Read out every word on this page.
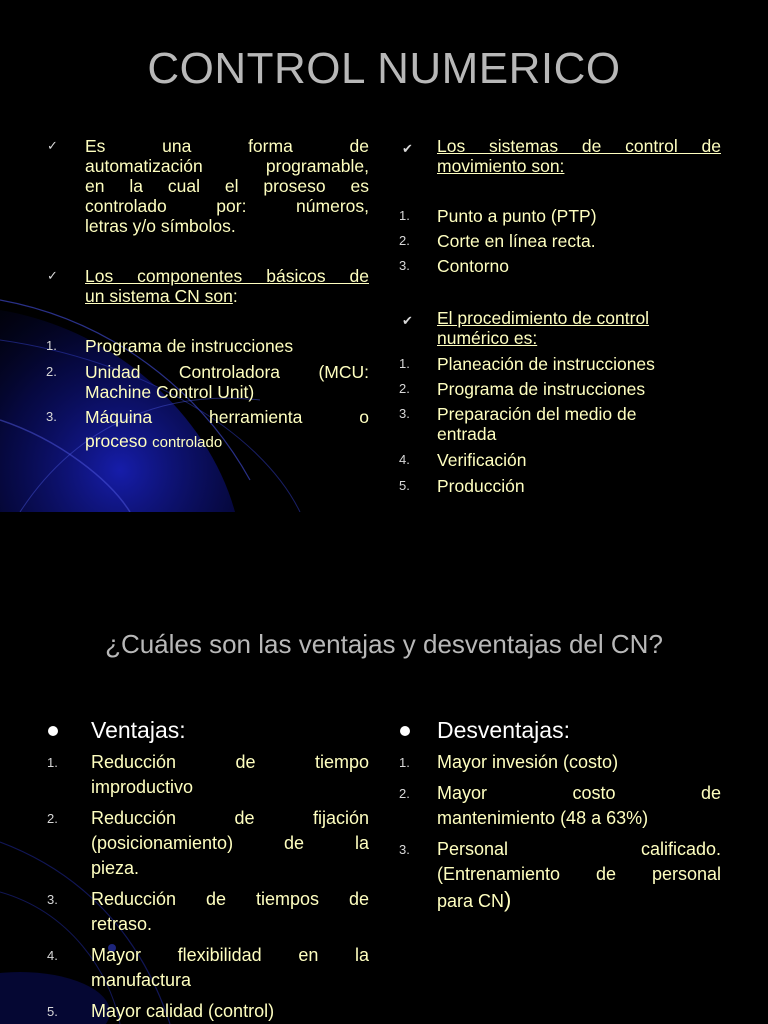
CONTROL NUMERICO
✓ Es una forma de
automatización programable,
en la cual el proseso es
controlado por: números,
letras y/o símbolos.
✓ Los componentes básicos de
un sistema CN son:
1. Programa de instrucciones
2. Unidad Controladora (MCU:
Machine Control Unit)
3. Máquina herramienta o
proceso controlado
✔ Los sistemas de control de
movimiento son:
1. Punto a punto (PTP)
2. Corte en línea recta.
3. Contorno
✔ El procedimiento de control
numérico es:
1. Planeación de instrucciones
2. Programa de instrucciones
3. Preparación del medio de
entrada
4. Verificación
5. Producción
¿Cuáles son las ventajas y desventajas del CN?
Ventajas:
1. Reducción de tiempo
improductivo
2. Reducción de fijación
(posicionamiento) de la
pieza.
3. Reducción de tiempos de
retraso.
4. Mayor flexibilidad en la
manufactura
5. Mayor calidad (control)
Desventajas:
1. Mayor invesión (costo)
2. Mayor costo de
mantenimiento (48 a 63%)
3. Personal calificado.
(Entrenamiento de personal
para CN)
